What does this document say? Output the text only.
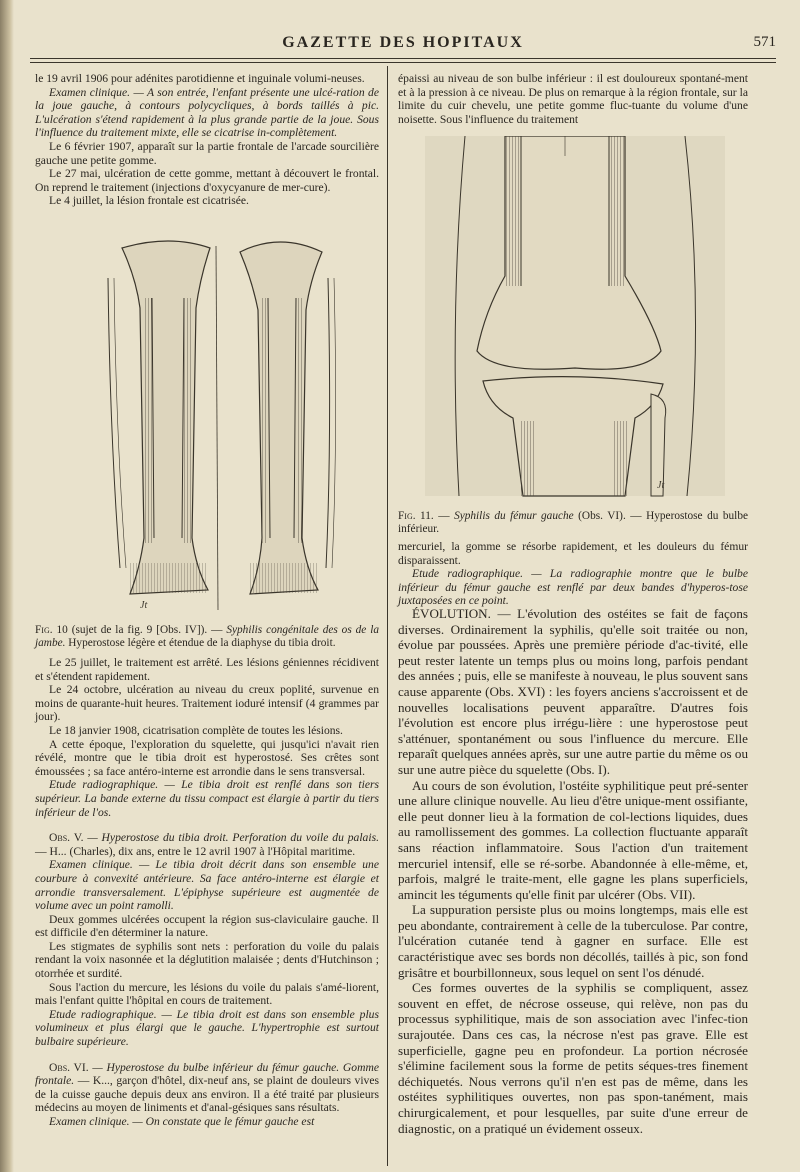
GAZETTE DES HOPITAUX	571

le 19 avril 1906 pour adénites parotidienne et inguinale volumi-neuses.

Examen clinique. — A son entrée, l'enfant présente une ulcé-ration de la joue gauche, à contours polycycliques, à bords taillés à pic. L'ulcération s'étend rapidement à la plus grande partie de la joue. Sous l'influence du traitement mixte, elle se cicatrise in-complètement.

Le 6 février 1907, apparaît sur la partie frontale de l'arcade sourcilière gauche une petite gomme.

Le 27 mai, ulcération de cette gomme, mettant à découvert le frontal. On reprend le traitement (injections d'oxycyanure de mer-cure).

Le 4 juillet, la lésion frontale est cicatrisée.

Jt
Fig. 10 (sujet de la fig. 9 [Obs. IV]). — Syphilis congénitale des os de la jambe. Hyperostose légère et étendue de la diaphyse du tibia droit.

Le 25 juillet, le traitement est arrêté. Les lésions géniennes récidivent et s'étendent rapidement.

Le 24 octobre, ulcération au niveau du creux poplité, survenue en moins de quarante-huit heures. Traitement ioduré intensif (4 grammes par jour).

Le 18 janvier 1908, cicatrisation complète de toutes les lésions.

A cette époque, l'exploration du squelette, qui jusqu'ici n'avait rien révélé, montre que le tibia droit est hyperostosé. Ses crêtes sont émoussées ; sa face antéro-interne est arrondie dans le sens transversal.

Etude radiographique. — Le tibia droit est renflé dans son tiers supérieur. La bande externe du tissu compact est élargie à partir du tiers inférieur de l'os.

Obs. V. — Hyperostose du tibia droit. Perforation du voile du palais. — H... (Charles), dix ans, entre le 12 avril 1907 à l'Hôpital maritime.

Examen clinique. — Le tibia droit décrit dans son ensemble une courbure à convexité antérieure. Sa face antéro-interne est élargie et arrondie transversalement. L'épiphyse supérieure est augmentée de volume avec un point ramolli.

Deux gommes ulcérées occupent la région sus-claviculaire gauche. Il est difficile d'en déterminer la nature.

Les stigmates de syphilis sont nets : perforation du voile du palais rendant la voix nasonnée et la déglutition malaisée ; dents d'Hutchinson ; otorrhée et surdité.

Sous l'action du mercure, les lésions du voile du palais s'amé-liorent, mais l'enfant quitte l'hôpital en cours de traitement.

Etude radiographique. — Le tibia droit est dans son ensemble plus volumineux et plus élargi que le gauche. L'hypertrophie est surtout bulbaire supérieure.

Obs. VI. — Hyperostose du bulbe inférieur du fémur gauche. Gomme frontale. — K..., garçon d'hôtel, dix-neuf ans, se plaint de douleurs vives de la cuisse gauche depuis deux ans environ. Il a été traité par plusieurs médecins au moyen de liniments et d'anal-gésiques sans résultats.

Examen clinique. — On constate que le fémur gauche est

épaissi au niveau de son bulbe inférieur : il est douloureux spontané-ment et à la pression à ce niveau. De plus on remarque à la région frontale, sur la limite du cuir chevelu, une petite gomme fluc-tuante du volume d'une noisette. Sous l'influence du traitement

Jt
Fig. 11. — Syphilis du fémur gauche (Obs. VI). — Hyperostose du bulbe inférieur.

mercuriel, la gomme se résorbe rapidement, et les douleurs du fémur disparaissent.

Etude radiographique. — La radiographie montre que le bulbe inférieur du fémur gauche est renflé par deux bandes d'hyperos-tose juxtaposées en ce point.

ÉVOLUTION. — L'évolution des ostéites se fait de façons diverses. Ordinairement la syphilis, qu'elle soit traitée ou non, évolue par poussées. Après une première période d'ac-tivité, elle peut rester latente un temps plus ou moins long, parfois pendant des années ; puis, elle se manifeste à nouveau, le plus souvent sans cause apparente (Obs. XVI) : les foyers anciens s'accroissent et de nouvelles localisations peuvent apparaître. D'autres fois l'évolution est encore plus irrégu-lière : une hyperostose peut s'atténuer, spontanément ou sous l'influence du mercure. Elle reparaît quelques années après, sur une autre partie du même os ou sur une autre pièce du squelette (Obs. I).

Au cours de son évolution, l'ostéite syphilitique peut pré-senter une allure clinique nouvelle. Au lieu d'être unique-ment ossifiante, elle peut donner lieu à la formation de col-lections liquides, dues au ramollissement des gommes. La collection fluctuante apparaît sans réaction inflammatoire. Sous l'action d'un traitement mercuriel intensif, elle se ré-sorbe. Abandonnée à elle-même, et, parfois, malgré le traite-ment, elle gagne les plans superficiels, amincit les téguments qu'elle finit par ulcérer (Obs. VII).

La suppuration persiste plus ou moins longtemps, mais elle est peu abondante, contrairement à celle de la tuberculose. Par contre, l'ulcération cutanée tend à gagner en surface. Elle est caractéristique avec ses bords non décollés, taillés à pic, son fond grisâtre et bourbillonneux, sous lequel on sent l'os dénudé.

Ces formes ouvertes de la syphilis se compliquent, assez souvent en effet, de nécrose osseuse, qui relève, non pas du processus syphilitique, mais de son association avec l'infec-tion surajoutée. Dans ces cas, la nécrose n'est pas grave. Elle est superficielle, gagne peu en profondeur. La portion nécrosée s'élimine facilement sous la forme de petits séques-tres finement déchiquetés. Nous verrons qu'il n'en est pas de même, dans les ostéites syphilitiques ouvertes, non pas spon-tanément, mais chirurgicalement, et pour lesquelles, par suite d'une erreur de diagnostic, on a pratiqué un évidement osseux.
